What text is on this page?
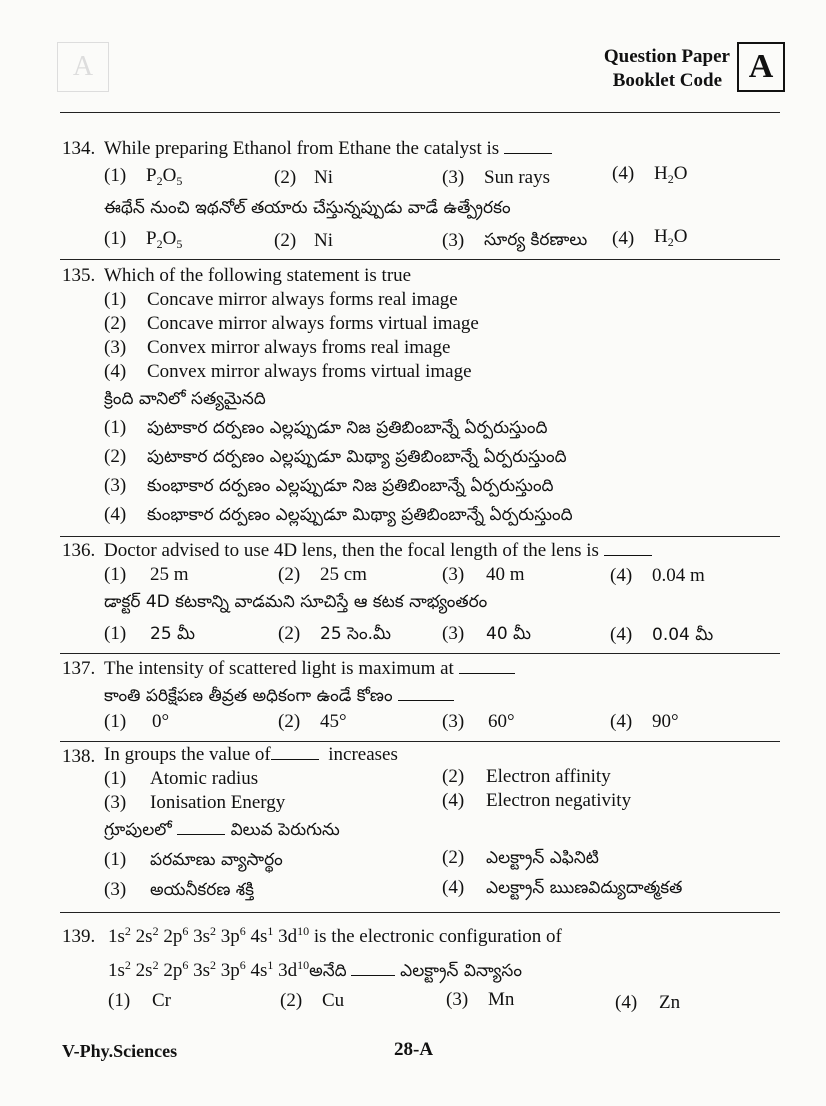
A	Question Paper
Booklet Code A
134. While preparing Ethanol from Ethane the catalyst is
(1) $P_2O_5$	(2) Ni	(3) Sun rays	(4) $H_2O$
ఈథేన్ నుంచి ఇథనోల్ తయారు చేస్తున్నప్పుడు వాడే ఉత్ప్రేరకం
(1) $P_2O_5$	(2) Ni	(3) సూర్య కిరణాలు (4) $H_2O$
135. Which of the following statement is true
(1) Concave mirror always forms real image
(2) Concave mirror always forms virtual image
(3) Convex mirror always froms real image
(4) Convex mirror always froms virtual image
క్రింది వానిలో సత్యమైనది
(1) పుటాకార దర్పణం ఎల్లప్పుడూ నిజ ప్రతిబింబాన్నే ఏర్పరుస్తుంది
(2) పుటాకార దర్పణం ఎల్లప్పుడూ మిథ్యా ప్రతిబింబాన్నే ఏర్పరుస్తుంది
(3) కుంభాకార దర్పణం ఎల్లప్పుడూ నిజ ప్రతిబింబాన్నే ఏర్పరుస్తుంది
(4) కుంభాకార దర్పణం ఎల్లప్పుడూ మిథ్యా ప్రతిబింబాన్నే ఏర్పరుస్తుంది
136. Doctor advised to use 4D lens, then the focal length of the lens is
(1) 25 m	(2) 25 cm	(3) 40 m	(4) 0.04 m
డాక్టర్ 4D కటకాన్ని వాడమని సూచిస్తే ఆ కటక నాభ్యంతరం
(1) 25 మీ	(2) 25 సెం.మీ	(3) 40 మీ	(4) 0.04 మీ
137. The intensity of scattered light is maximum at
కాంతి పరిక్షేపణ తీవ్రత అధికంగా ఉండే కోణం
(1) 0°	(2) 45°	(3) 60°	(4) 90°
138. In groups the value of	increases
(1) Atomic radius	(2) Electron affinity
(3) Ionisation Energy	(4) Electron negativity
గ్రూపులలో	విలువ పెరుగును
(1) పరమాణు వ్యాసార్థం	(2) ఎలక్ట్రాన్ ఎఫినిటి
(3) అయనీకరణ శక్తి	(4) ఎలక్ట్రాన్ ఋణవిద్యుదాత్మకత
139. $1s^2$ $2s^2$ $2p^6$ $3s^2$ $3p^6$ $4s^1$ $3d^{10}$ is the electronic configuration of
$1s^2$ $2s^2$ $2p^6$ $3s^2$ $3p^6$ $4s^1$ $3d^{10}అనేది$	ఎలక్ట్రాన్ విన్యాసం
(1) Cr	(2) Cu	(3) Mn	(4) Zn
V-Phy.Sciences	28-A
